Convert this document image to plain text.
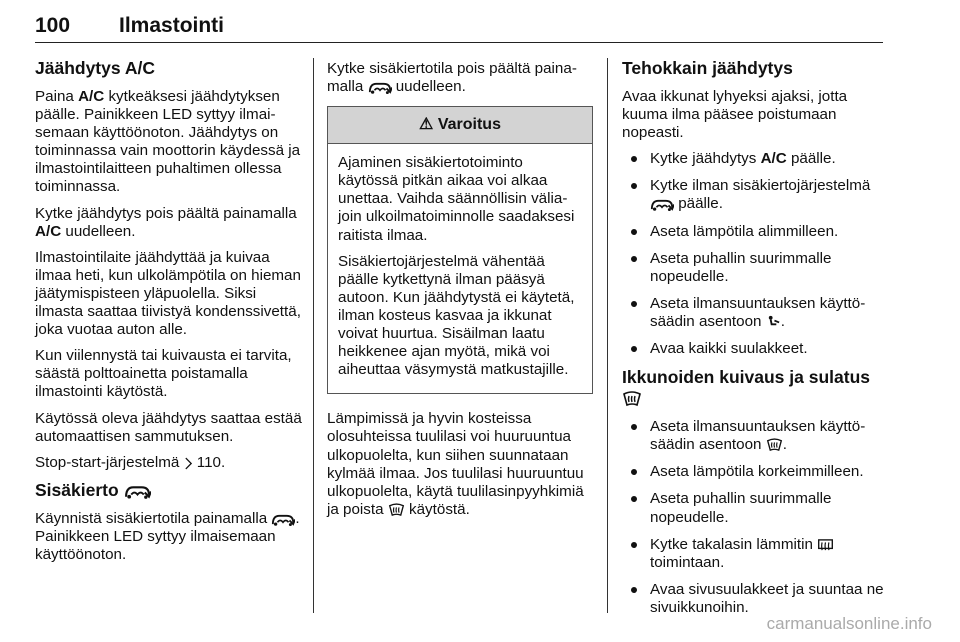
100 Ilmastointi
Jäähdytys A/C

Paina A/C kytkeäksesi jäähdytyksen päälle. Painikkeen LED syttyy ilmaisemaan käyttöönoton. Jäähdytys on toiminnassa vain moottorin käydessä ja ilmastointilaitteen puhaltimen ollessa toiminnassa.

Kytke jäähdytys pois päältä painamalla A/C uudelleen.

Ilmastointilaite jäähdyttää ja kuivaa ilmaa heti, kun ulkolämpötila on hieman jäätymispisteen yläpuolella. Siksi ilmasta saattaa tiivistyä kondenssivettä, joka vuotaa auton alle.

Kun viilennystä tai kuivausta ei tarvita, säästä polttoainetta poistamalla ilmastointi käytöstä.

Käytössä oleva jäähdytys saattaa estää automaattisen sammutuksen.

Stop-start-järjestelmä  110.

Sisäkierto

Käynnistä sisäkiertotila painamalla . Painikkeen LED syttyy ilmaisemaan käyttöönoton.

Kytke sisäkiertotila pois päältä painamalla  uudelleen.

⚠ Varoitus

Ajaminen sisäkiertotoiminto käytössä pitkän aikaa voi alkaa unettaa. Vaihda säännöllisin väliajoin ulkoilmatoiminnolle saadaksesi raitista ilmaa.

Sisäkiertojärjestelmä vähentää päälle kytkettynä ilman pääsyä autoon. Kun jäähdytystä ei käytetä, ilman kosteus kasvaa ja ikkunat voivat huurtua. Sisäilman laatu heikkenee ajan myötä, mikä voi aiheuttaa väsymystä matkustajille.

Lämpimissä ja hyvin kosteissa olosuhteissa tuulilasi voi huuruuntua ulkopuolelta, kun siihen suunnataan kylmää ilmaa. Jos tuulilasi huuruuntuu ulkopuolelta, käytä tuulilasinpyyhkimiä ja poista  käytöstä.

Tehokkain jäähdytys

Avaa ikkunat lyhyeksi ajaksi, jotta kuuma ilma pääsee poistumaan nopeasti.

Kytke jäähdytys A/C päälle.
Kytke ilman sisäkiertojärjestelmä  päälle.
Aseta lämpötila alimmilleen.
Aseta puhallin suurimmalle nopeudelle.
Aseta ilmansuuntauksen käyttösäädin asentoon .
Avaa kaikki suulakkeet.
Ikkunoiden kuivaus ja sulatus
Aseta ilmansuuntauksen käyttösäädin asentoon .
Aseta lämpötila korkeimmilleen.
Aseta puhallin suurimmalle nopeudelle.
Kytke takalasin lämmitin  toimintaan.
Avaa sivusuulakkeet ja suuntaa ne sivuikkunoihin.
carmanualsonline.info
